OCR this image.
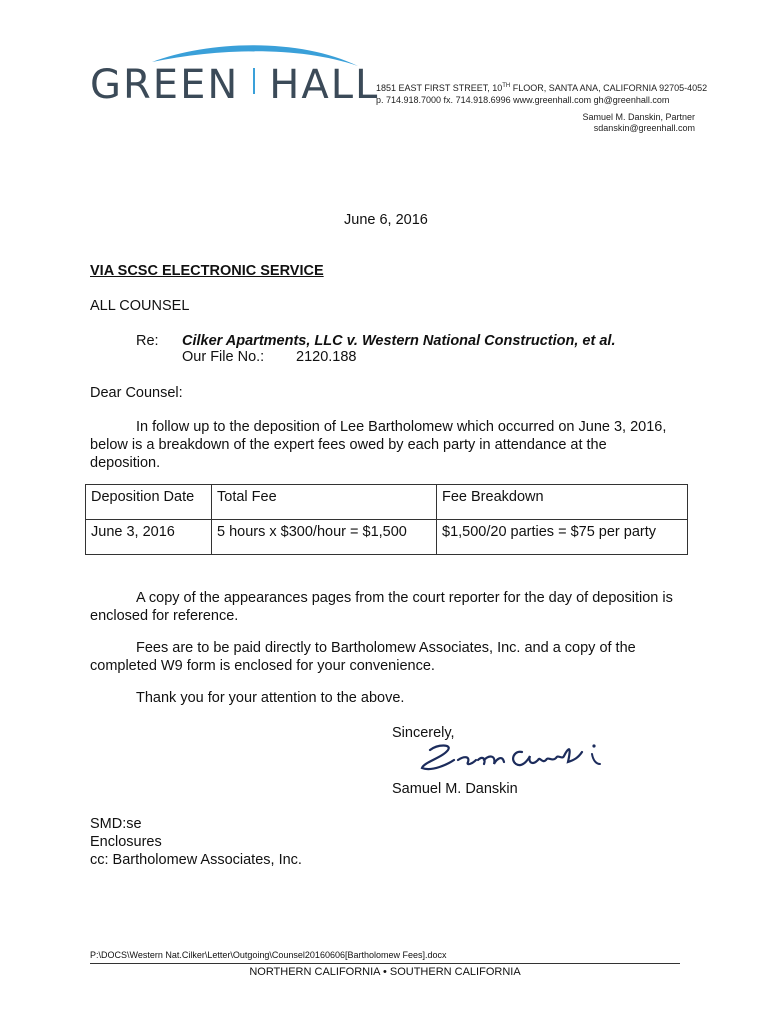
GREEN HALL
1851 EAST FIRST STREET, 10TH FLOOR, SANTA ANA, CALIFORNIA 92705-4052
p. 714.918.7000 fx. 714.918.6996 www.greenhall.com gh@greenhall.com
Samuel M. Danskin, Partner
sdanskin@greenhall.com
June 6, 2016
VIA SCSC ELECTRONIC SERVICE
ALL COUNSEL
Re: Cilker Apartments, LLC v. Western National Construction, et al.
Our File No.: 2120.188
Dear Counsel:

In follow up to the deposition of Lee Bartholomew which occurred on June 3, 2016, below is a breakdown of the expert fees owed by each party in attendance at the deposition.

Deposition Date	Total Fee	Fee Breakdown
June 3, 2016	5 hours x $300/hour = $1,500	$1,500/20 parties = $75 per party

A copy of the appearances pages from the court reporter for the day of deposition is enclosed for reference.

Fees are to be paid directly to Bartholomew Associates, Inc. and a copy of the completed W9 form is enclosed for your convenience.

Thank you for your attention to the above.
Sincerely,
Samuel M. Danskin
SMD:se
Enclosures
cc: Bartholomew Associates, Inc.
P:\DOCS\Western Nat.Cilker\Letter\Outgoing\Counsel20160606[Bartholomew Fees].docx
NORTHERN CALIFORNIA • SOUTHERN CALIFORNIA
